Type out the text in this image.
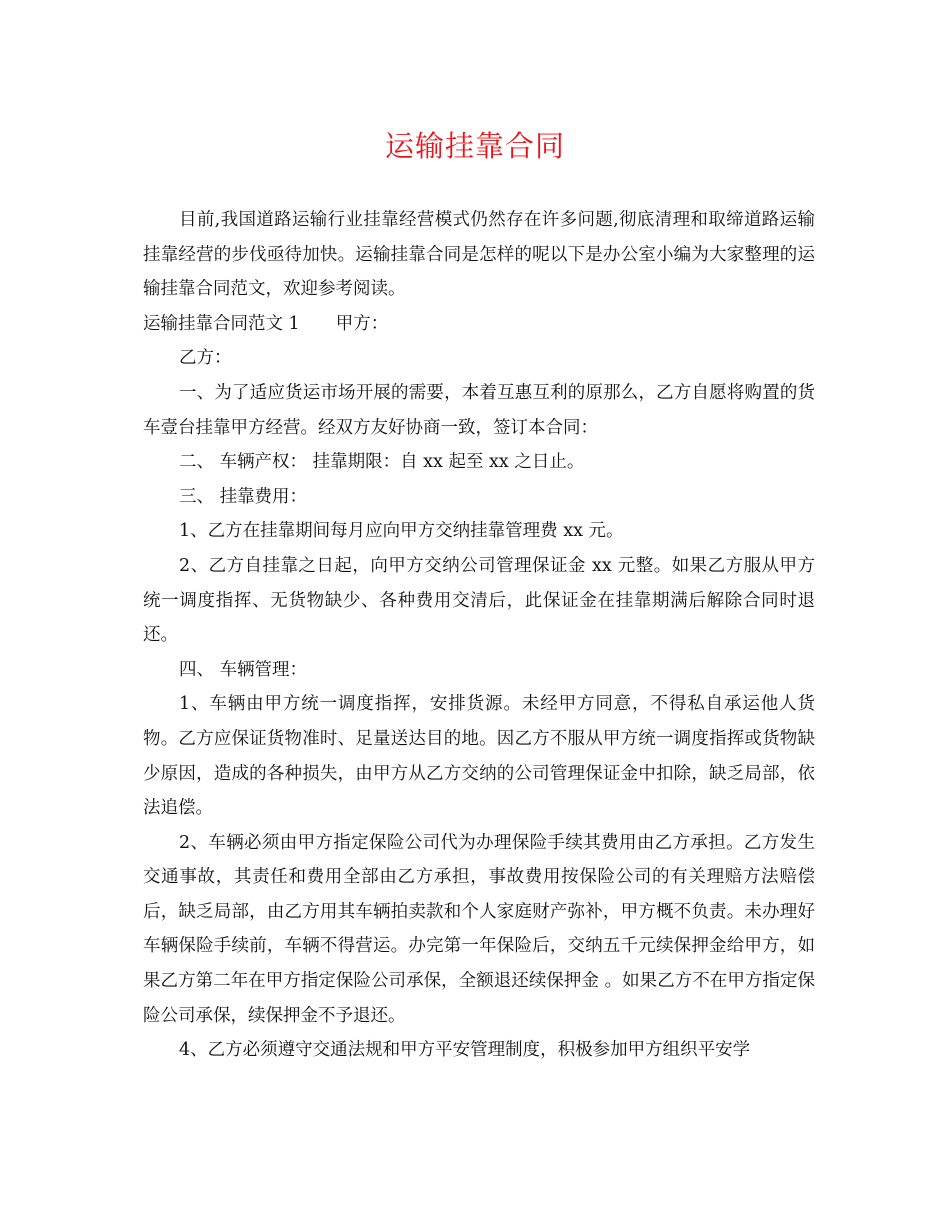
运输挂靠合同

目前,我国道路运输行业挂靠经营模式仍然存在许多问题,彻底清理和取缔道路运输挂靠经营的步伐亟待加快。运输挂靠合同是怎样的呢以下是办公室小编为大家整理的运输挂靠合同范文，欢迎参考阅读。

运输挂靠合同范文 1 甲方：

乙方：

一、为了适应货运市场开展的需要，本着互惠互利的原那么，乙方自愿将购置的货车壹台挂靠甲方经营。经双方友好协商一致，签订本合同：

二、 车辆产权： 挂靠期限：自 xx 起至 xx 之日止。

三、 挂靠费用：

1、乙方在挂靠期间每月应向甲方交纳挂靠管理费 xx 元。

2、乙方自挂靠之日起，向甲方交纳公司管理保证金 xx 元整。如果乙方服从甲方统一调度指挥、无货物缺少、各种费用交清后，此保证金在挂靠期满后解除合同时退还。

四、 车辆管理：

1、车辆由甲方统一调度指挥，安排货源。未经甲方同意，不得私自承运他人货物。乙方应保证货物准时、足量送达目的地。因乙方不服从甲方统一调度指挥或货物缺少原因，造成的各种损失，由甲方从乙方交纳的公司管理保证金中扣除，缺乏局部，依法追偿。

2、车辆必须由甲方指定保险公司代为办理保险手续其费用由乙方承担。乙方发生交通事故，其责任和费用全部由乙方承担，事故费用按保险公司的有关理赔方法赔偿后，缺乏局部，由乙方用其车辆拍卖款和个人家庭财产弥补，甲方概不负责。未办理好车辆保险手续前，车辆不得营运。办完第一年保险后，交纳五千元续保押金给甲方，如果乙方第二年在甲方指定保险公司承保，全额退还续保押金 。如果乙方不在甲方指定保险公司承保，续保押金不予退还。

4、乙方必须遵守交通法规和甲方平安管理制度，积极参加甲方组织平安学
